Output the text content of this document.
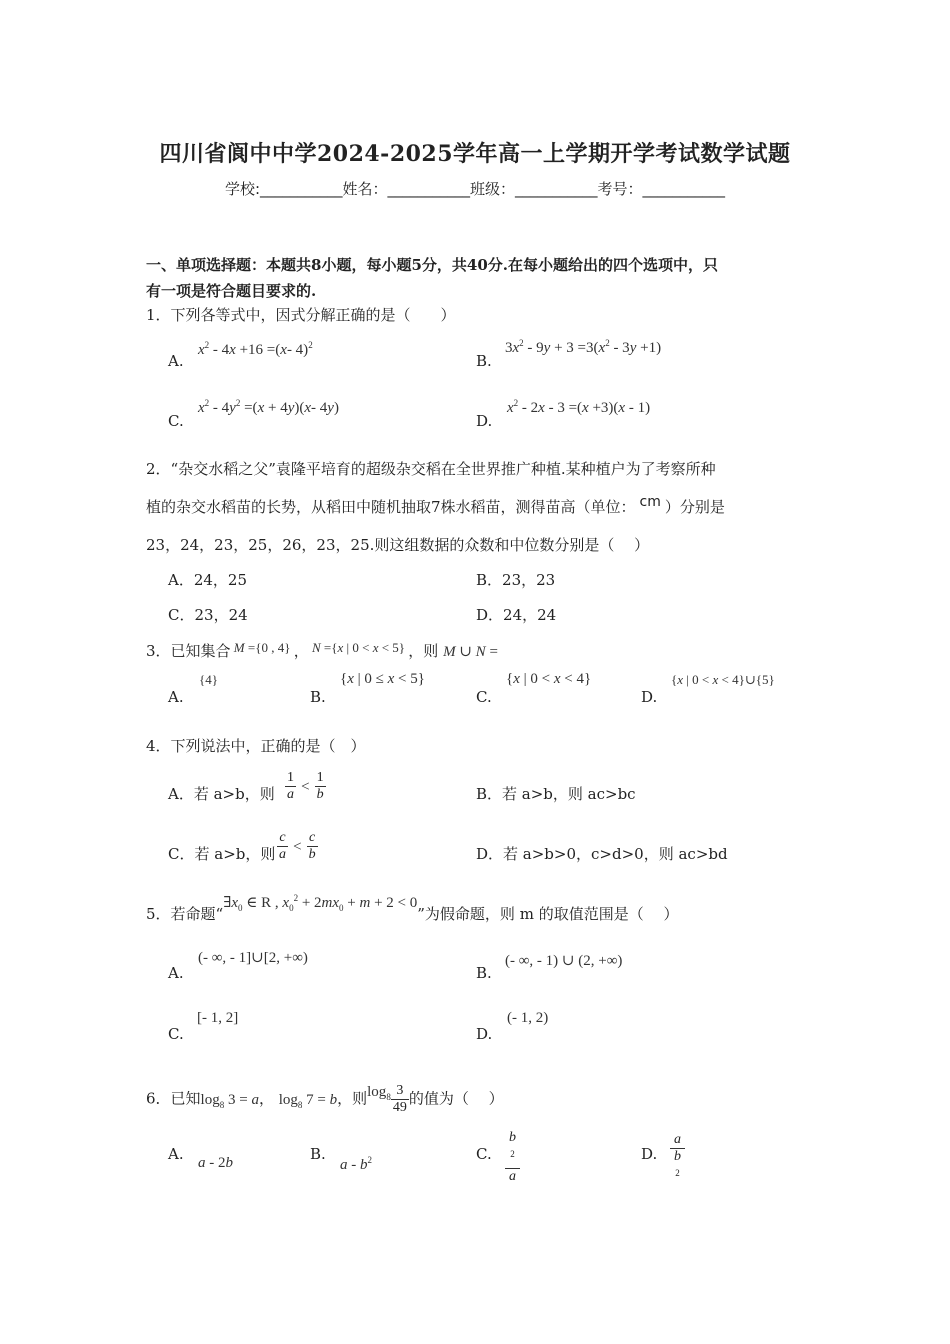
四川省阆中中学2024-2025学年高一上学期开学考试数学试题
学校:___________姓名：___________班级：___________考号：___________
一、单项选择题：本题共8小题，每小题5分，共40分.在每小题给出的四个选项中，只
有一项是符合题目要求的.
1．下列各等式中，因式分解正确的是（　　）
A.
$x^2 - 4x +16 =(x-$ 4)$^2$
B.
$3x^2 - 9y + 3 =3(x^2 - 3y +1)$
C.
$x^2 - 4y^2 =(x + 4y)(x-$ 4y)
D.
$x^2 - 2x - 3 =(x +3)(x - 1)$
2．“杂交水稻之父”袁隆平培育的超级杂交稻在全世界推广种植.某种植户为了考察所种
植的杂交水稻苗的长势，从稻田中随机抽取7株水稻苗，测得苗高（单位： cm ）分别是
23，24，23，25，26，23，25.则这组数据的众数和中位数分别是（　 ）
A．24，25	B．23，23
C．23，24	D．24，24
3．已知集合 M ={0 , 4} ， N ={x | 0 < x < 5} ，则 M ∪ N =
A.
{4}
B.
{x | 0 ≤ x < 5}
C.
{x | 0 < x < 4}
D.
{x | 0 < x < 4}∪{5}
4．下列说法中，正确的是（　）
A．若 a>b，则 $\frac{1}{a} < \frac{1}{b}$	B．若 a>b，则 ac>bc
C．若 a>b，则 $\frac{c}{a} < \frac{c}{b}$	D．若 a>b>0，c>d>0，则 ac>bd
5．若命题“$\exists x_0$ ∈ R , $x_0^2 + 2mx_0 + m + 2 < 0$”为假命题，则 m 的取值范围是（　 ）
A.
(- ∞, - 1]∪[2, +∞)
B.
(- ∞, - 1) ∪ (2, +∞)
C.
[- 1, 2]
D.
(- 1, 2)
6．已知$\log_8 3 = a$， $\log_8 7 = b$，则$\log_8 \frac{3}{49}$ 的值为（　 ）
A. a - 2b	B.
a - $b^2$	C. b
$^2$
a	D. a
b
$^2$
